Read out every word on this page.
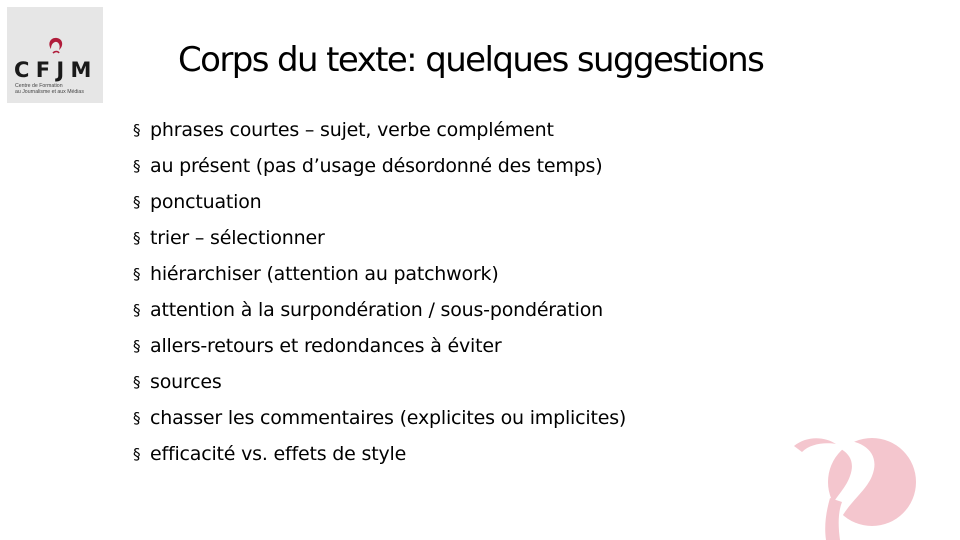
C F J M
Centre de Formation
au Journalisme et aux Médias
Corps du texte: quelques suggestions
§ phrases courtes – sujet, verbe complément
§ au présent (pas d’usage désordonné des temps)
§ ponctuation
§ trier – sélectionner
§ hiérarchiser (attention au patchwork)
§ attention à la surpondération / sous-pondération
§ allers-retours et redondances à éviter
§ sources
§ chasser les commentaires (explicites ou implicites)
§ efficacité vs. effets de style
